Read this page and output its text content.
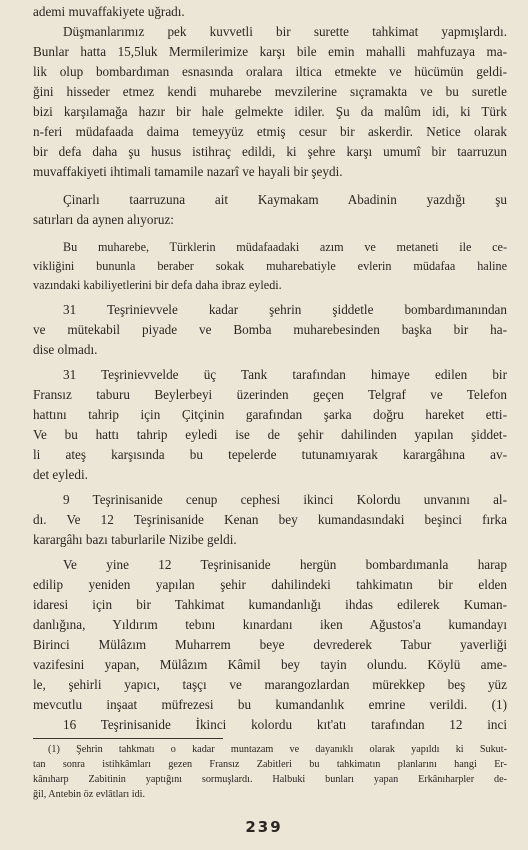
ademi muvaffakiyete uğradı.
Düşmanlarımız pek kuvvetli bir surette tahkimat yapmışlardı.
Bunlar hatta 15,5luk Mermilerimize karşı bile emin mahalli mahfuzaya ma-
lik olup bombardıman esnasında oralara iltica etmekte ve hücümün geldi-
ğini hisseder etmez kendi muharebe mevzilerine sıçramakta ve bu suretle
bizi karşılamağa hazır bir hale gelmekte idiler. Şu da malûm idi, ki Türk
n-feri müdafaada daima temeyyüz etmiş cesur bir askerdir. Netice olarak
bir defa daha şu husus istihraç edildi, ki şehre karşı umumî bir taarruzun
muvaffakiyeti ihtimali tamamile nazarî ve hayali bir şeydi.
Çinarlı taarruzuna ait Kaymakam Abadinin yazdığı şu
satırları da aynen alıyoruz:
Bu muharebe, Türklerin müdafaadaki azım ve metaneti ile ce-
vikliğini bununla beraber sokak muharebatiyle evlerin müdafaa haline
vazındaki kabiliyetlerini bir defa daha ibraz eyledi.
31 Teşrinievvele kadar şehrin şiddetle bombardımanından
ve mütekabil piyade ve Bomba muharebesinden başka bir ha-
dise olmadı.
31 Teşrinievvelde üç Tank tarafından himaye edilen bir
Fransız taburu Beylerbeyi üzerinden geçen Telgraf ve Telefon
hattını tahrip için Çitçinin garafından şarka doğru hareket etti-
Ve bu hattı tahrip eyledi ise de şehir dahilinden yapılan şiddet-
li ateş karşısında bu tepelerde tutunamıyarak karargâhına av-
det eyledi.
9 Teşrinisanide cenup cephesi ikinci Kolordu unvanını al-
dı. Ve 12 Teşrinisanide Kenan bey kumandasındaki beşinci fırka
karargâhı bazı taburlarile Nizibe geldi.
Ve yine 12 Teşrinisanide hergün bombardımanla harap
edilip yeniden yapılan şehir dahilindeki tahkimatın bir elden
idaresi için bir Tahkimat kumandanlığı ihdas edilerek Kuman-
danlığına, Yıldırım tebını kınardanı iken Ağustos'a kumandayı
Birinci Mülâzım Muharrem beye devrederek Tabur yaverliği
vazifesini yapan, Mülâzım Kâmil bey tayin olundu. Köylü ame-
le, şehirli yapıcı, taşçı ve marangozlardan mürekkep beş yüz
mevcutlu inşaat müfrezesi bu kumandanlık emrine verildi. (1)
16 Teşrinisanide İkinci kolordu kıt'atı tarafından 12 inci
(1) Şehrin tahkmatı o kadar muntazam ve dayanıklı olarak yapıldı ki Sukut-
tan sonra istihkâmları gezen Fransız Zabitleri bu tahkimatın planlarını hangi Er-
kânıharp Zabitinin yaptığını sormuşlardı. Halbuki bunları yapan Erkânıharpler de-
ğil, Antebin öz evlâtları idi.
239
